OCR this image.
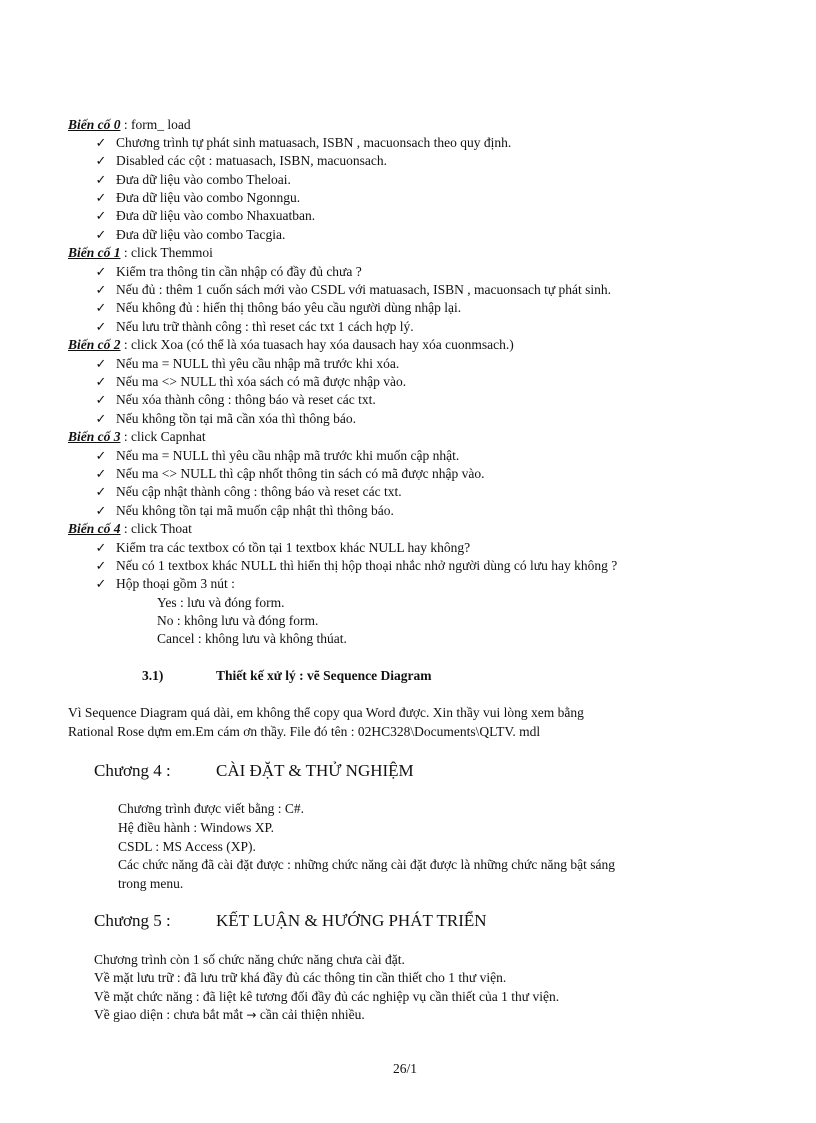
Biến cố 0 : form_ load
✓ Chương trình tự phát sinh matuasach, ISBN , macuonsach theo quy định.
✓ Disabled các cột : matuasach, ISBN, macuonsach.
✓ Đưa dữ liệu vào combo Theloai.
✓ Đưa dữ liệu vào combo Ngonngu.
✓ Đưa dữ liệu vào combo Nhaxuatban.
✓ Đưa dữ liệu vào combo Tacgia.
Biến cố 1 : click Themmoi
✓ Kiểm tra thông tin cần nhập có đầy đủ chưa ?
✓ Nếu đủ : thêm 1 cuốn sách mới vào CSDL với matuasach, ISBN , macuonsach tự phát sinh.
✓ Nếu không đủ : hiển thị thông báo yêu cầu người dùng nhập lại.
✓ Nếu lưu trữ thành công : thì reset các txt 1 cách hợp lý.
Biến cố 2 : click Xoa (có thể là xóa tuasach hay xóa dausach hay xóa cuonmsach.)
✓ Nếu ma = NULL thì yêu cầu nhập mã trước khi xóa.
✓ Nếu ma <> NULL thì xóa sách có mã được nhập vào.
✓ Nếu xóa thành công : thông báo và reset các txt.
✓ Nếu không tồn tại mã cần xóa thì thông báo.
Biến cố 3 : click Capnhat
✓ Nếu ma = NULL thì yêu cầu nhập mã trước khi muốn cập nhật.
✓ Nếu ma <> NULL thì cập nhốt thông tin sách có mã được nhập vào.
✓ Nếu cập nhật thành công : thông báo và reset các txt.
✓ Nếu không tồn tại mã muốn cập nhật thì thông báo.
Biến cố 4 : click Thoat
✓ Kiểm tra các textbox có tồn tại 1 textbox khác NULL hay không?
✓ Nếu có 1 textbox khác NULL thì hiển thị hộp thoại nhắc nhở người dùng có lưu hay không ?
✓ Hộp thoại gồm 3 nút :
Yes : lưu và đóng form.
No : không lưu và đóng form.
Cancel : không lưu và không thúat.
3.1)	Thiết kế xử lý : vẽ Sequence Diagram
Vì Sequence Diagram quá dài, em không thể copy qua Word được. Xin thầy vui lòng xem bằng
Rational Rose dựm em.Em cám ơn thầy. File đó tên : 02HC328\Documents\QLTV. mdl
Chương 4 :	CÀI ĐẶT & THỬ NGHIỆM
Chương trình được viết bằng : C#.
Hệ điều hành : Windows XP.
CSDL : MS Access (XP).
Các chức năng đã cài đặt được : những chức năng cài đặt được là những chức năng bật sáng
trong menu.
Chương 5 :	KẾT LUẬN & HƯỚNG PHÁT TRIỂN
Chương trình còn 1 số chức năng chức năng chưa cài đặt.
Về mặt lưu trữ : đã lưu trữ khá đầy đủ các thông tin cần thiết cho 1 thư viện.
Về mặt chức năng : đã liệt kê tương đối đầy đủ các nghiệp vụ cần thiết của 1 thư viện.
Về giao diện : chưa bắt mắt → cần cải thiện nhiều.
26/1
